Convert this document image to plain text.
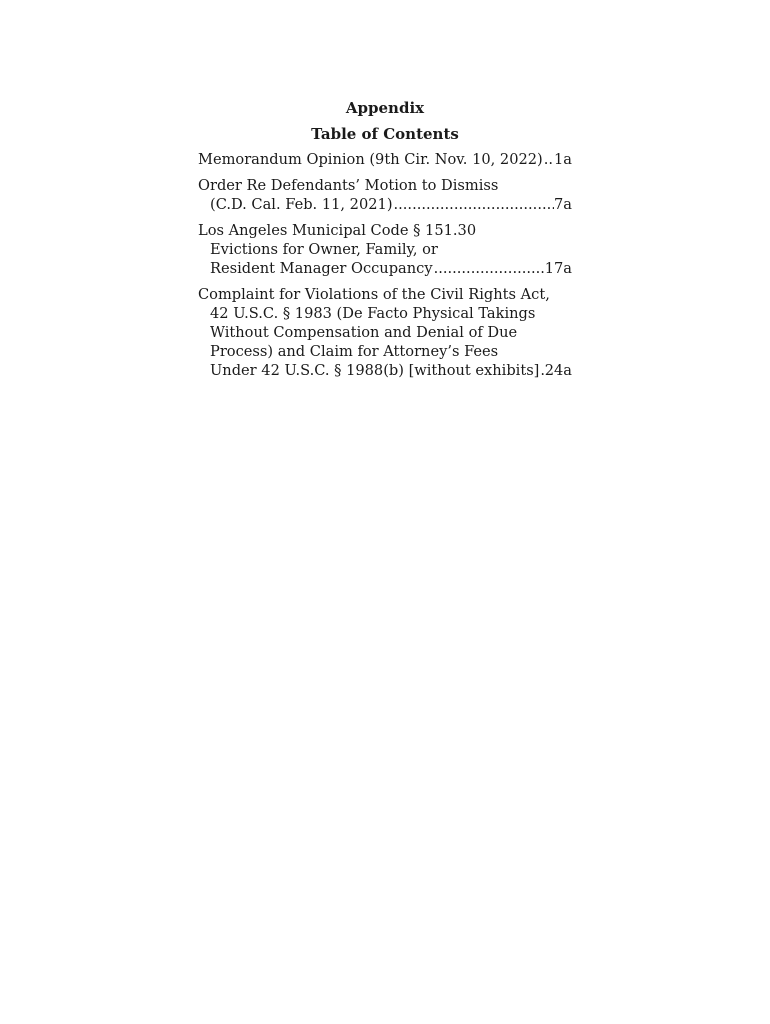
Appendix

Table of Contents

Memorandum Opinion (9th Cir. Nov. 10, 2022) ..... 1a
Order Re Defendants’ Motion to Dismiss
(C.D. Cal. Feb. 11, 2021) .....	7a
Los Angeles Municipal Code § 151.30
Evictions for Owner, Family, or
Resident Manager Occupancy .....	17a
Complaint for Violations of the Civil Rights Act,
42 U.S.C. § 1983 (De Facto Physical Takings
Without Compensation and Denial of Due
Process) and Claim for Attorney’s Fees
Under 42 U.S.C. § 1988(b) [without exhibits] ..... 24a
